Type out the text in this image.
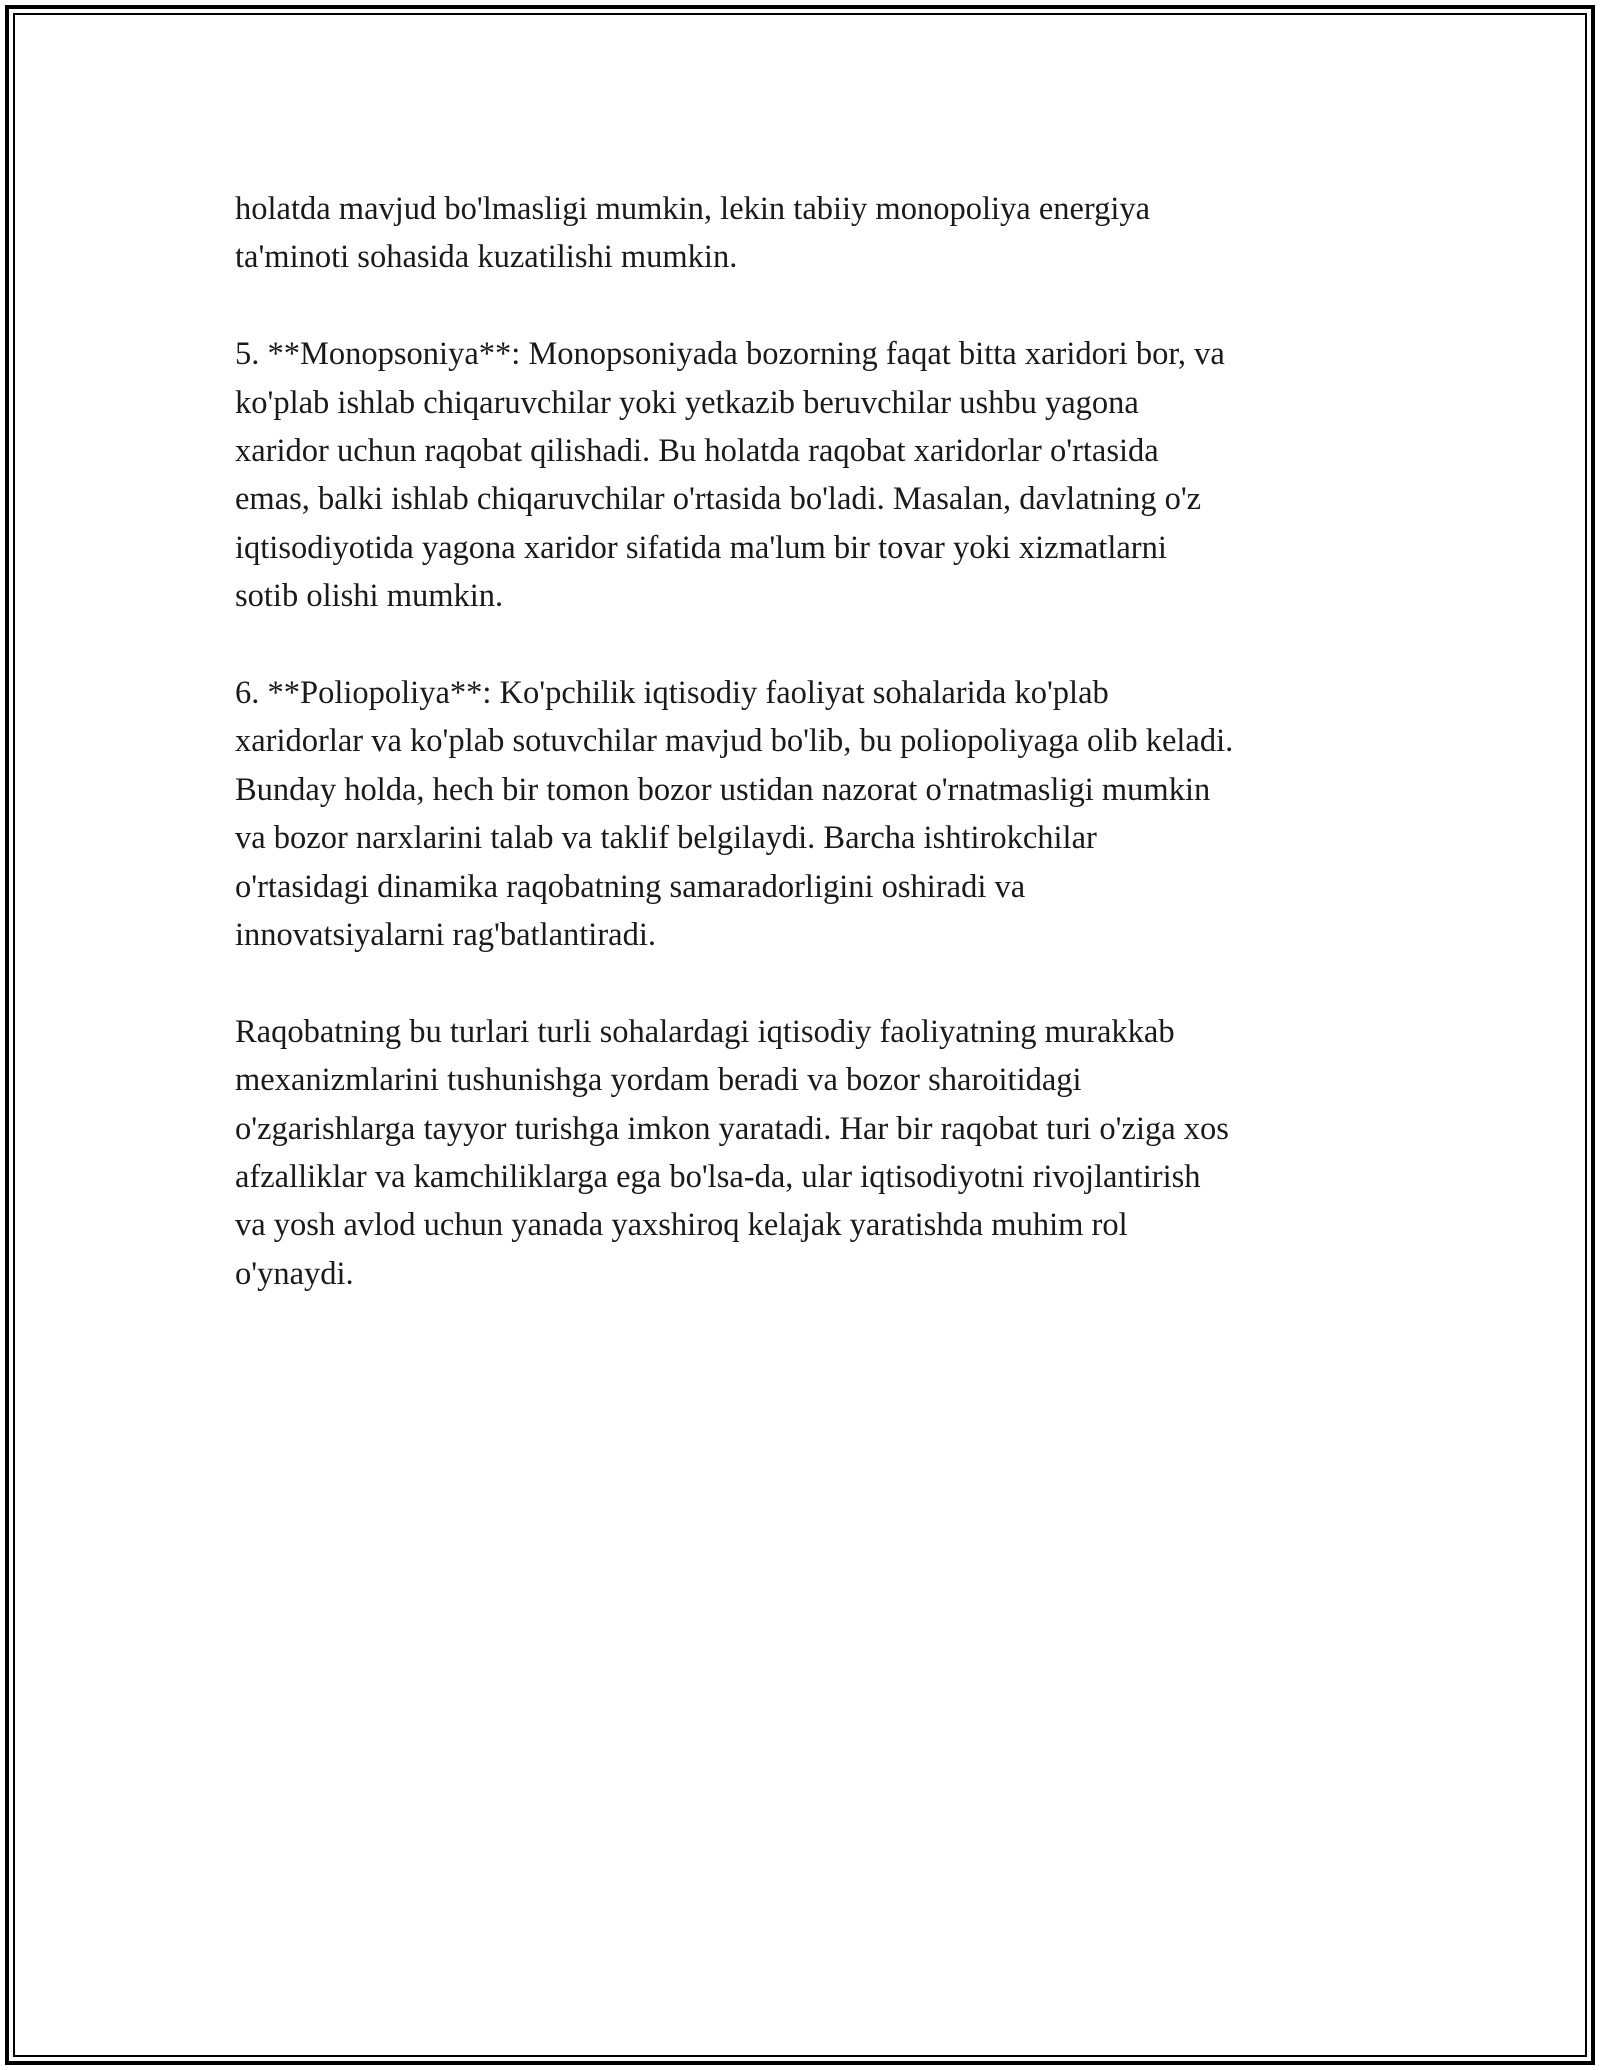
holatda mavjud bo'lmasligi mumkin, lekin tabiiy monopoliya energiya
ta'minoti sohasida kuzatilishi mumkin.

5. **Monopsoniya**: Monopsoniyada bozorning faqat bitta xaridori bor, va
ko'plab ishlab chiqaruvchilar yoki yetkazib beruvchilar ushbu yagona
xaridor uchun raqobat qilishadi. Bu holatda raqobat xaridorlar o'rtasida
emas, balki ishlab chiqaruvchilar o'rtasida bo'ladi. Masalan, davlatning o'z
iqtisodiyotida yagona xaridor sifatida ma'lum bir tovar yoki xizmatlarni
sotib olishi mumkin.

6. **Poliopoliya**: Ko'pchilik iqtisodiy faoliyat sohalarida ko'plab
xaridorlar va ko'plab sotuvchilar mavjud bo'lib, bu poliopoliyaga olib keladi.
Bunday holda, hech bir tomon bozor ustidan nazorat o'rnatmasligi mumkin
va bozor narxlarini talab va taklif belgilaydi. Barcha ishtirokchilar
o'rtasidagi dinamika raqobatning samaradorligini oshiradi va
innovatsiyalarni rag'batlantiradi.

Raqobatning bu turlari turli sohalardagi iqtisodiy faoliyatning murakkab
mexanizmlarini tushunishga yordam beradi va bozor sharoitidagi
o'zgarishlarga tayyor turishga imkon yaratadi. Har bir raqobat turi o'ziga xos
afzalliklar va kamchiliklarga ega bo'lsa-da, ular iqtisodiyotni rivojlantirish
va yosh avlod uchun yanada yaxshiroq kelajak yaratishda muhim rol
o'ynaydi.
